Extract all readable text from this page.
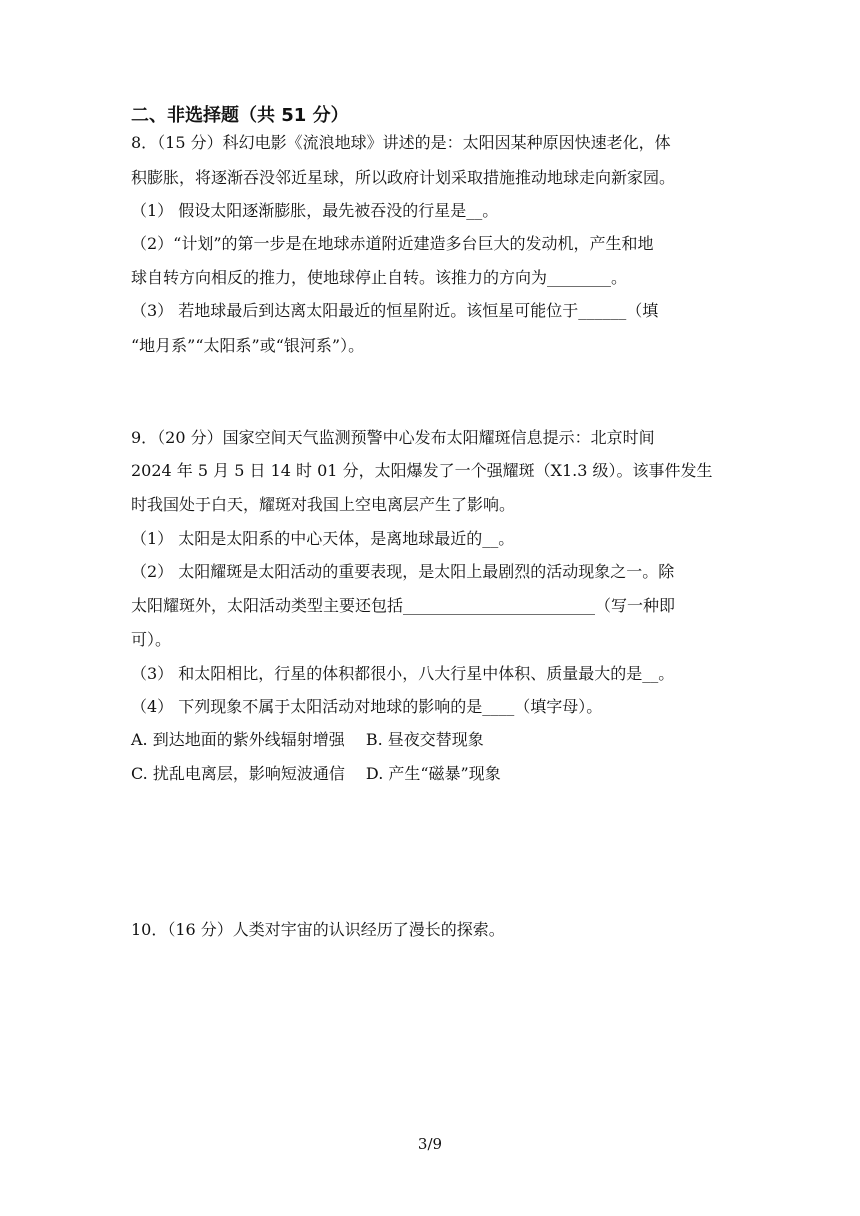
二、非选择题（共 51 分）
8．（15 分）科幻电影《流浪地球》讲述的是：太阳因某种原因快速老化，体
积膨胀，将逐渐吞没邻近星球，所以政府计划采取措施推动地球走向新家园。
（1） 假设太阳逐渐膨胀，最先被吞没的行星是__。
（2）“计划”的第一步是在地球赤道附近建造多台巨大的发动机，产生和地
球自转方向相反的推力，使地球停止自转。该推力的方向为________。
（3） 若地球最后到达离太阳最近的恒星附近。该恒星可能位于______（填
“地月系”“太阳系”或“银河系”）。
9．（20 分）国家空间天气监测预警中心发布太阳耀斑信息提示：北京时间
2024 年 5 月 5 日 14 时 01 分，太阳爆发了一个强耀斑（X1.3 级）。该事件发生
时我国处于白天，耀斑对我国上空电离层产生了影响。
（1） 太阳是太阳系的中心天体，是离地球最近的__。
（2） 太阳耀斑是太阳活动的重要表现，是太阳上最剧烈的活动现象之一。除
太阳耀斑外，太阳活动类型主要还包括________________________（写一种即
可）。
（3） 和太阳相比，行星的体积都很小，八大行星中体积、质量最大的是__。
（4） 下列现象不属于太阳活动对地球的影响的是____（填字母）。
A. 到达地面的紫外线辐射增强　 B. 昼夜交替现象
C. 扰乱电离层，影响短波通信　 D. 产生“磁暴”现象
10．（16 分）人类对宇宙的认识经历了漫长的探索。
3/9
